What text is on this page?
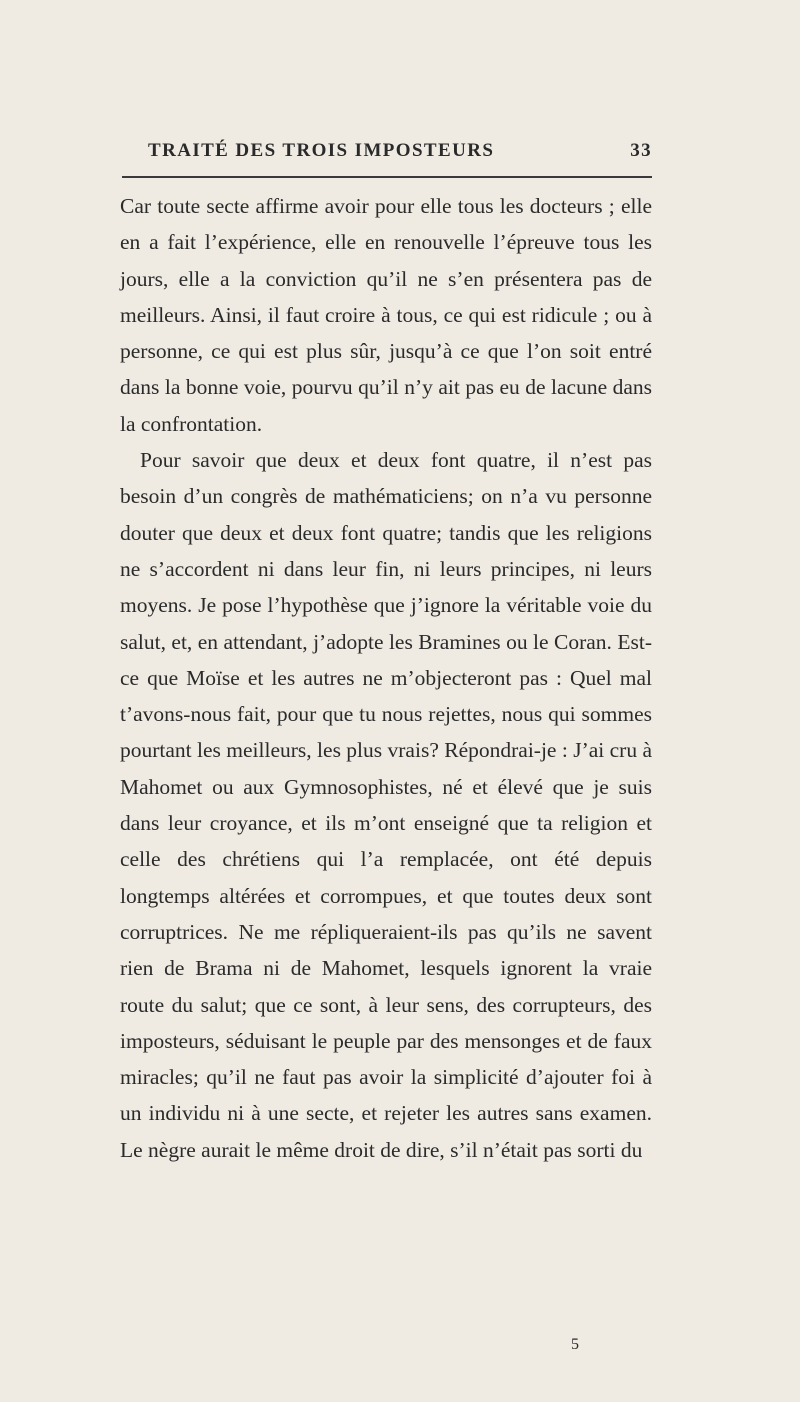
TRAITÉ DES TROIS IMPOSTEURS	33

Car toute secte affirme avoir pour elle tous les docteurs ; elle en a fait l’expérience, elle en renouvelle l’épreuve tous les jours, elle a la conviction qu’il ne s’en présentera pas de meilleurs. Ainsi, il faut croire à tous, ce qui est ridicule ; ou à personne, ce qui est plus sûr, jusqu’à ce que l’on soit entré dans la bonne voie, pourvu qu’il n’y ait pas eu de lacune dans la confrontation.

Pour savoir que deux et deux font quatre, il n’est pas besoin d’un congrès de mathématiciens; on n’a vu personne douter que deux et deux font quatre; tandis que les religions ne s’accordent ni dans leur fin, ni leurs principes, ni leurs moyens. Je pose l’hypothèse que j’ignore la véritable voie du salut, et, en attendant, j’adopte les Bramines ou le Coran. Est-ce que Moïse et les autres ne m’objecteront pas : Quel mal t’avons-nous fait, pour que tu nous rejettes, nous qui sommes pourtant les meilleurs, les plus vrais? Répondrai-je : J’ai cru à Mahomet ou aux Gymnosophistes, né et élevé que je suis dans leur croyance, et ils m’ont enseigné que ta religion et celle des chrétiens qui l’a remplacée, ont été depuis longtemps altérées et corrompues, et que toutes deux sont corruptrices. Ne me répliqueraient-ils pas qu’ils ne savent rien de Brama ni de Mahomet, lesquels ignorent la vraie route du salut; que ce sont, à leur sens, des corrupteurs, des imposteurs, séduisant le peuple par des mensonges et de faux miracles; qu’il ne faut pas avoir la simplicité d’ajouter foi à un individu ni à une secte, et rejeter les autres sans examen. Le nègre aurait le même droit de dire, s’il n’était pas sorti du

5
